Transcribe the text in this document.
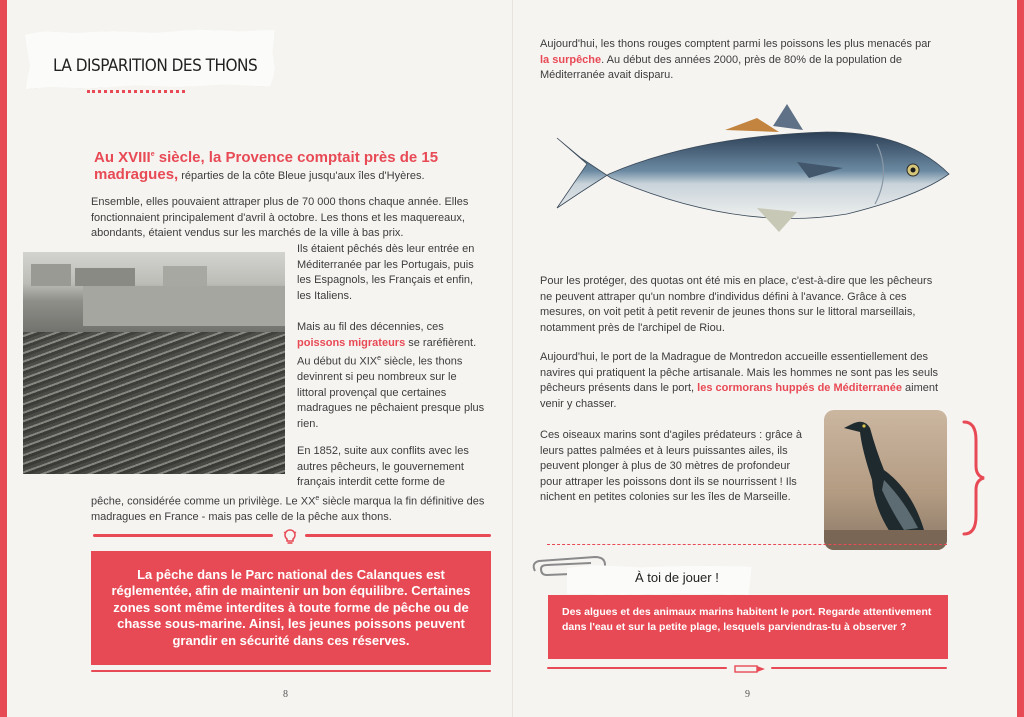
LA DISPARITION DES THONS
Au XVIIIe siècle, la Provence comptait près de 15 madragues, réparties de la côte Bleue jusqu'aux îles d'Hyères.

Ensemble, elles pouvaient attraper plus de 70 000 thons chaque année. Elles fonctionnaient principalement d'avril à octobre. Les thons et les maquereaux, abondants, étaient vendus sur les marchés de la ville à bas prix.

Ils étaient pêchés dès leur entrée en Méditerranée par les Portugais, puis les Espagnols, les Français et enfin, les Italiens.

Mais au fil des décennies, ces poissons migrateurs se raréfièrent. Au début du XIXe siècle, les thons devinrent si peu nombreux sur le littoral provençal que certaines madragues ne pêchaient presque plus rien.

En 1852, suite aux conflits avec les autres pêcheurs, le gouvernement français interdit cette forme de

pêche, considérée comme un privilège. Le XXe siècle marqua la fin définitive des madragues en France - mais pas celle de la pêche aux thons.

La pêche dans le Parc national des Calanques est réglementée, afin de maintenir un bon équilibre. Certaines zones sont même interdites à toute forme de pêche ou de chasse sous-marine. Ainsi, les jeunes poissons peuvent grandir en sécurité dans ces réserves.
8

Aujourd'hui, les thons rouges comptent parmi les poissons les plus menacés par la surpêche. Au début des années 2000, près de 80% de la population de Méditerranée avait disparu.

Pour les protéger, des quotas ont été mis en place, c'est-à-dire que les pêcheurs ne peuvent attraper qu'un nombre d'individus défini à l'avance. Grâce à ces mesures, on voit petit à petit revenir de jeunes thons sur le littoral marseillais, notamment près de l'archipel de Riou.

Aujourd'hui, le port de la Madrague de Montredon accueille essentiellement des navires qui pratiquent la pêche artisanale. Mais les hommes ne sont pas les seuls pêcheurs présents dans le port, les cormorans huppés de Méditerranée aiment venir y chasser.

Ces oiseaux marins sont d'agiles prédateurs : grâce à leurs pattes palmées et à leurs puissantes ailes, ils peuvent plonger à plus de 30 mètres de profondeur pour attraper les poissons dont ils se nourrissent ! Ils nichent en petites colonies sur les îles de Marseille.

À toi de jouer !
Des algues et des animaux marins habitent le port. Regarde attentivement dans l'eau et sur la petite plage, lesquels parviendras-tu à observer ?
9
